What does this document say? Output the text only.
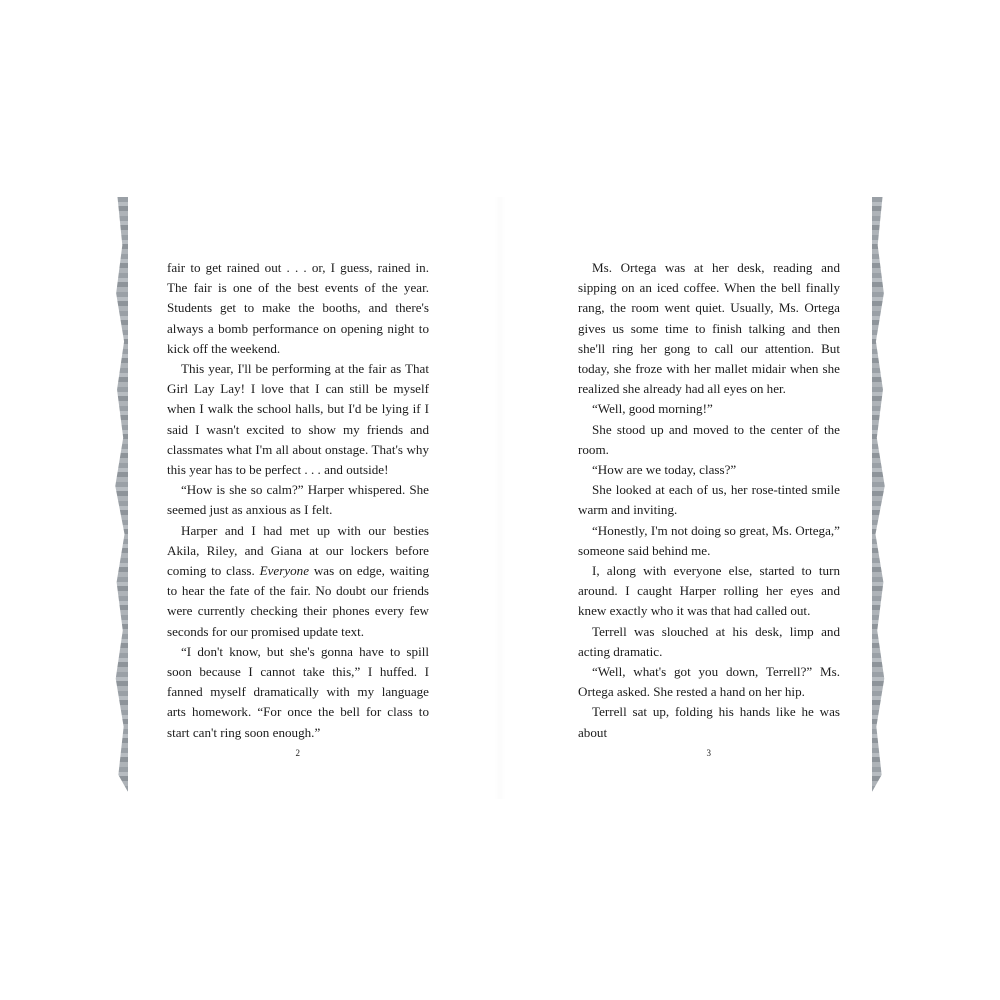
fair to get rained out . . . or, I guess, rained in. The fair is one of the best events of the year. Students get to make the booths, and there's always a bomb performance on opening night to kick off the weekend.

This year, I'll be performing at the fair as That Girl Lay Lay! I love that I can still be myself when I walk the school halls, but I'd be lying if I said I wasn't excited to show my friends and classmates what I'm all about onstage. That's why this year has to be perfect . . . and outside!

“How is she so calm?” Harper whispered. She seemed just as anxious as I felt.

Harper and I had met up with our besties Akila, Riley, and Giana at our lockers before coming to class. Everyone was on edge, waiting to hear the fate of the fair. No doubt our friends were currently checking their phones every few seconds for our promised update text.

“I don't know, but she's gonna have to spill soon because I cannot take this,” I huffed. I fanned myself dramatically with my language arts homework. “For once the bell for class to start can't ring soon enough.”

2

Ms. Ortega was at her desk, reading and sipping on an iced coffee. When the bell finally rang, the room went quiet. Usually, Ms. Ortega gives us some time to finish talking and then she'll ring her gong to call our attention. But today, she froze with her mallet midair when she realized she already had all eyes on her.

“Well, good morning!”

She stood up and moved to the center of the room.

“How are we today, class?”

She looked at each of us, her rose-tinted smile warm and inviting.

“Honestly, I'm not doing so great, Ms. Ortega,” someone said behind me.

I, along with everyone else, started to turn around. I caught Harper rolling her eyes and knew exactly who it was that had called out.

Terrell was slouched at his desk, limp and acting dramatic.

“Well, what's got you down, Terrell?” Ms. Ortega asked. She rested a hand on her hip.

Terrell sat up, folding his hands like he was about

3
